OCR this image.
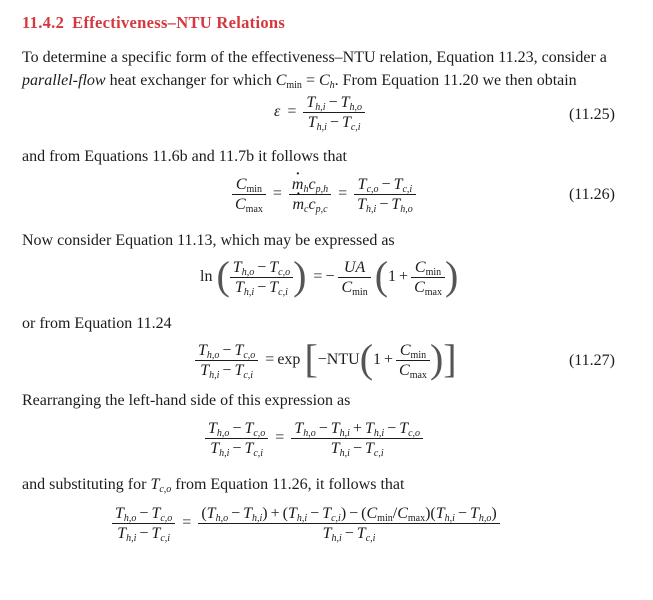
11.4.2 Effectiveness–NTU Relations
To determine a specific form of the effectiveness–NTU relation, Equation 11.23, consider a
parallel-flow heat exchanger for which $C_{min} = C_h$. From Equation 11.20 we then obtain
$\varepsilon = \frac{T_{h,i} - T_{h,o}}{T_{h,i} - T_{c,i}}$	(11.25)
and from Equations 11.6b and 11.7b it follows that
$\frac{C_{min}}{C_{max}}$ =
· $m_hc_{p,h}$
· $m_cc_{p,c} = \frac{T_{c,o} - T_{c,i}}{T_{h,i} - T_{h,o}}$	(11.26)
Now consider Equation 11.13, which may be expressed as
ln ( $\frac{T_{h,o} - T_{c,o}}{T_{h,i} - T_{c,i}}$ ) = − $\frac{UA}{C_{min}} (1 + \frac{C_{min}}{C_{max}}$ )
or from Equation 11.24
$\frac{T_{h,o} - T_{c,o}}{T_{h,i} - T_{c,i}} = \exp [-NTU(1 + \frac{C_{min}}{C_{max}}$ )]	(11.27)
Rearranging the left-hand side of this expression as
$\frac{T_{h,o} - T_{c,o}}{T_{h,i} - T_{c,i}} = \frac{T_{h,o} - T_{h,i} + T_{h,i} - T_{c,o}}{T_{h,i} - T_{c,i}}$
and substituting for $T_{c,o}$ from Equation 11.26, it follows that
$\frac{T_{h,o} - T_{c,o}}{T_{h,i} - T_{c,i}} = \frac{(T_{h,o} - T_{h,i}) + (T_{h,i} - T_{c,i}) - (C_{min}/C_{max})(T_{h,i} - T_{h,o})}{T_{h,i} - T_{c,i}}$
